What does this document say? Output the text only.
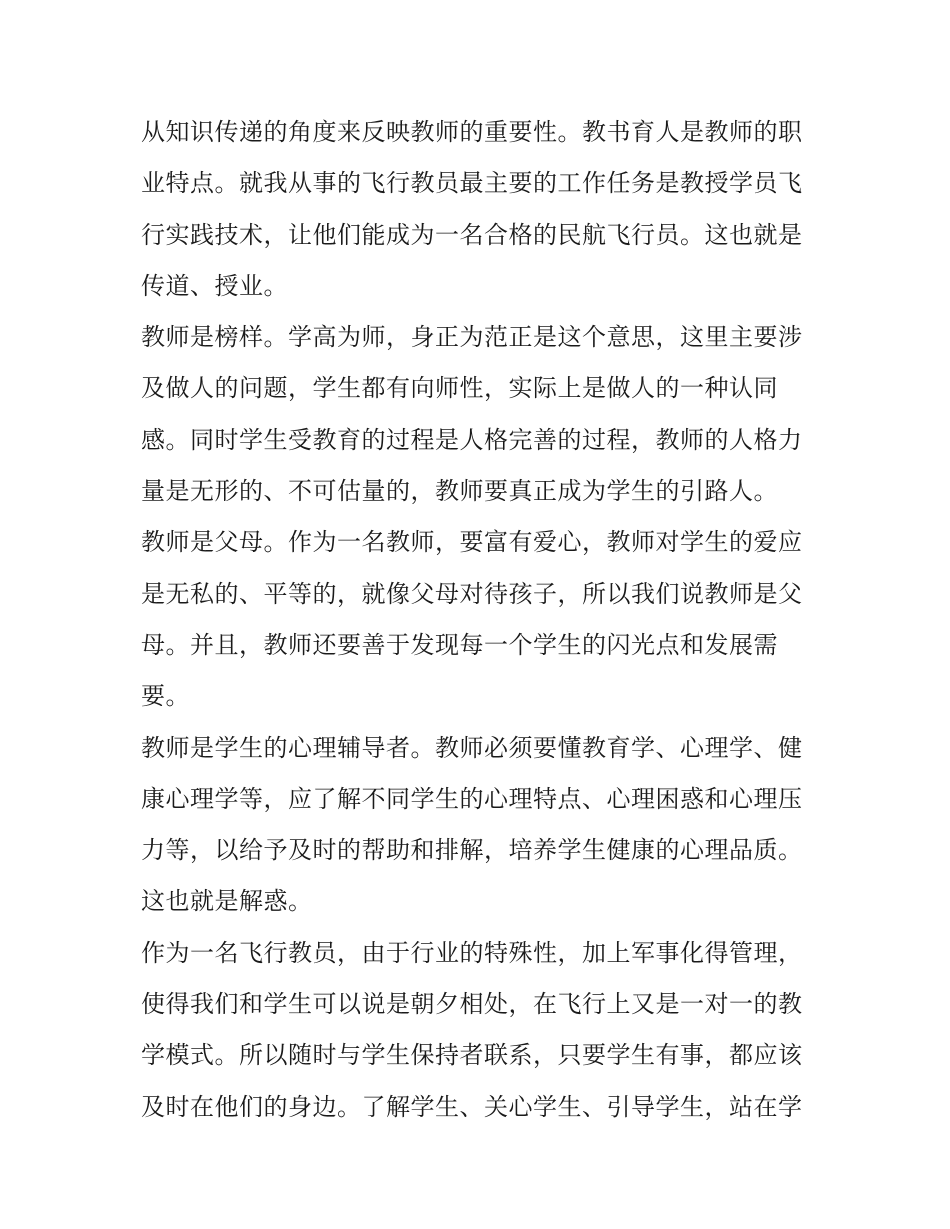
从知识传递的角度来反映教师的重要性。教书育人是教师的职
业特点。就我从事的飞行教员最主要的工作任务是教授学员飞
行实践技术，让他们能成为一名合格的民航飞行员。这也就是
传道、授业。
教师是榜样。学高为师，身正为范正是这个意思，这里主要涉
及做人的问题，学生都有向师性，实际上是做人的一种认同
感。同时学生受教育的过程是人格完善的过程，教师的人格力
量是无形的、不可估量的，教师要真正成为学生的引路人。
教师是父母。作为一名教师，要富有爱心，教师对学生的爱应
是无私的、平等的，就像父母对待孩子，所以我们说教师是父
母。并且，教师还要善于发现每一个学生的闪光点和发展需
要。
教师是学生的心理辅导者。教师必须要懂教育学、心理学、健
康心理学等，应了解不同学生的心理特点、心理困惑和心理压
力等，以给予及时的帮助和排解，培养学生健康的心理品质。
这也就是解惑。
作为一名飞行教员，由于行业的特殊性，加上军事化得管理，
使得我们和学生可以说是朝夕相处，在飞行上又是一对一的教
学模式。所以随时与学生保持者联系，只要学生有事，都应该
及时在他们的身边。了解学生、关心学生、引导学生，站在学
